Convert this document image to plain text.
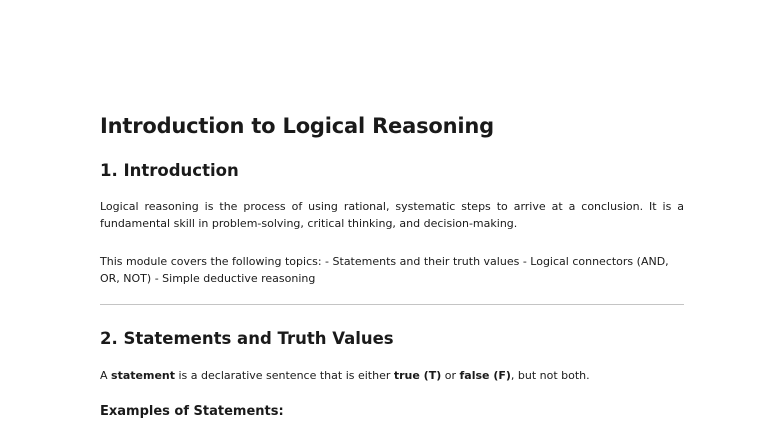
Introduction to Logical Reasoning
1. Introduction

Logical reasoning is the process of using rational, systematic steps to arrive at a conclusion. It is a fundamental skill in problem-solving, critical thinking, and decision-making.

This module covers the following topics: - Statements and their truth values - Logical connectors (AND, OR, NOT) - Simple deductive reasoning

2. Statements and Truth Values

A statement is a declarative sentence that is either true (T) or false (F), but not both.

Examples of Statements:
